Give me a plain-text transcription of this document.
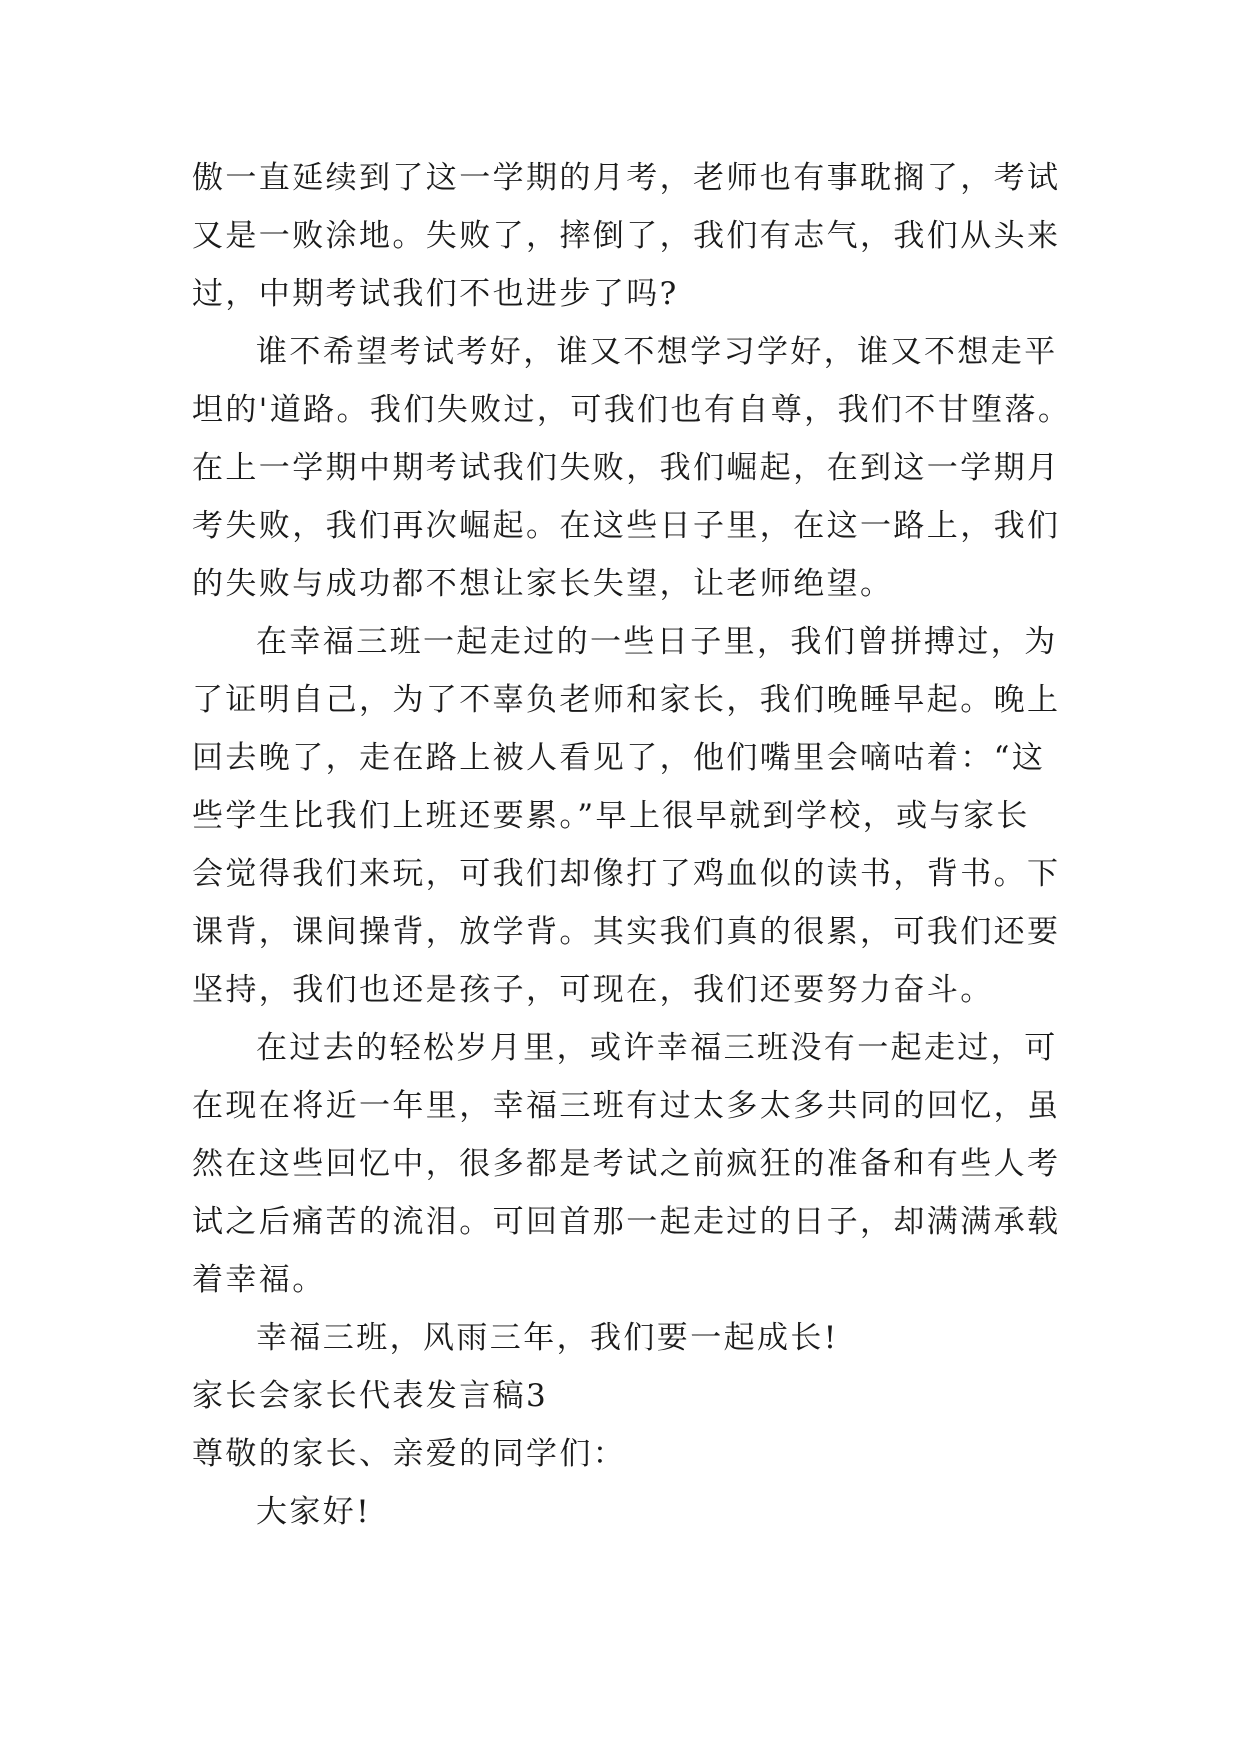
傲一直延续到了这一学期的月考，老师也有事耽搁了，考试

又是一败涂地。失败了，摔倒了，我们有志气，我们从头来

过，中期考试我们不也进步了吗?

谁不希望考试考好，谁又不想学习学好，谁又不想走平

坦的'道路。我们失败过，可我们也有自尊，我们不甘堕落。

在上一学期中期考试我们失败，我们崛起，在到这一学期月

考失败，我们再次崛起。在这些日子里，在这一路上，我们

的失败与成功都不想让家长失望，让老师绝望。

在幸福三班一起走过的一些日子里，我们曾拼搏过，为

了证明自己，为了不辜负老师和家长，我们晚睡早起。晚上

回去晚了，走在路上被人看见了，他们嘴里会嘀咕着：“这

些学生比我们上班还要累。”早上很早就到学校，或与家长

会觉得我们来玩，可我们却像打了鸡血似的读书，背书。下

课背，课间操背，放学背。其实我们真的很累，可我们还要

坚持，我们也还是孩子，可现在，我们还要努力奋斗。

在过去的轻松岁月里，或许幸福三班没有一起走过，可

在现在将近一年里，幸福三班有过太多太多共同的回忆，虽

然在这些回忆中，很多都是考试之前疯狂的准备和有些人考

试之后痛苦的流泪。可回首那一起走过的日子，却满满承载

着幸福。

幸福三班，风雨三年，我们要一起成长!

家长会家长代表发言稿3

尊敬的家长、亲爱的同学们：

大家好!
